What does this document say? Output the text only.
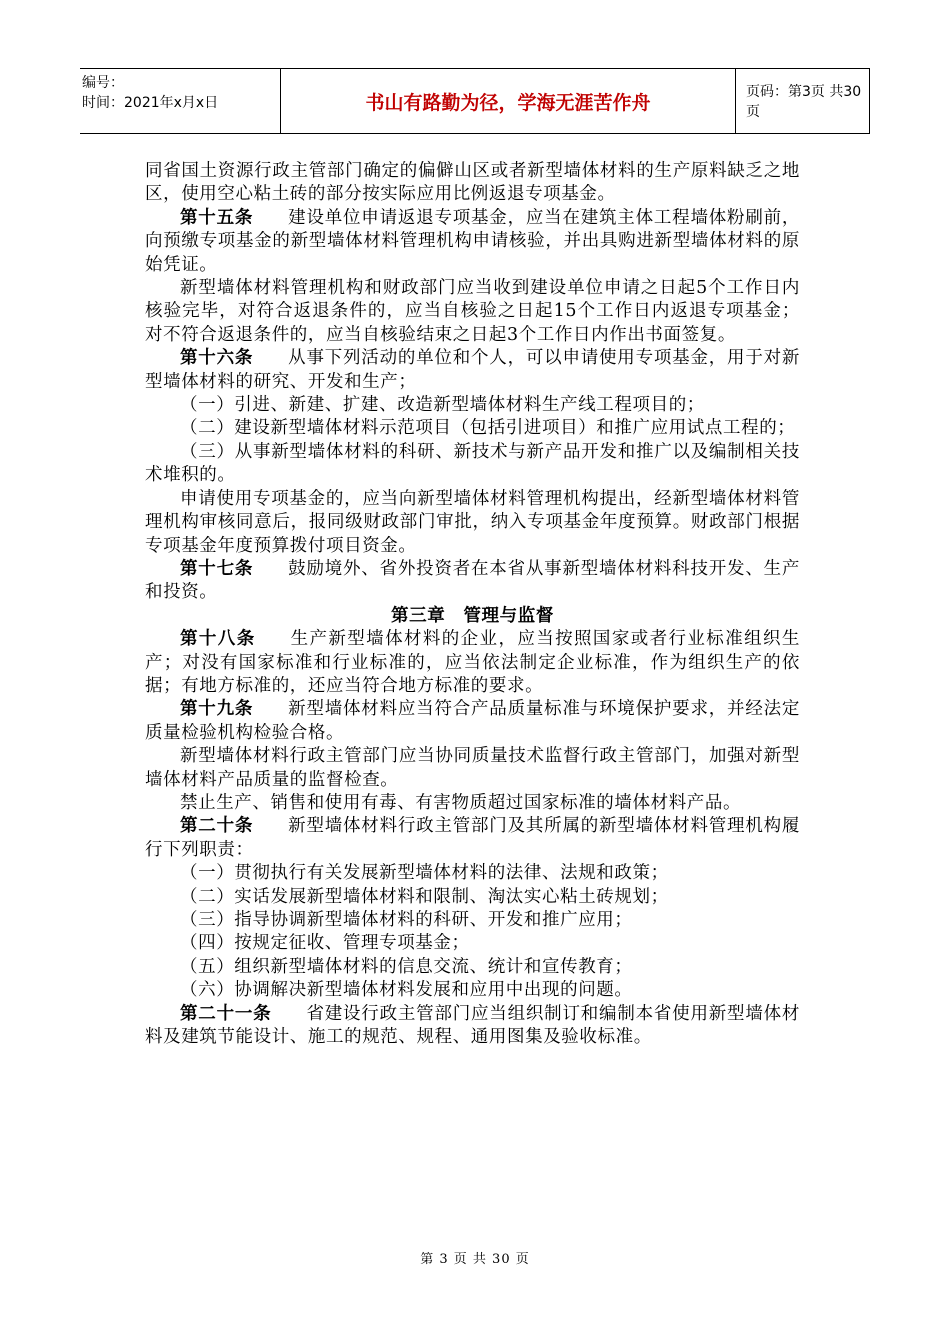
编号：
时间：2021年x月x日	书山有路勤为径，学海无涯苦作舟	页码：第3页 共30页

同省国土资源行政主管部门确定的偏僻山区或者新型墙体材料的生产原料缺乏之地区，使用空心粘土砖的部分按实际应用比例返退专项基金。

第十五条 建设单位申请返退专项基金，应当在建筑主体工程墙体粉刷前，向预缴专项基金的新型墙体材料管理机构申请核验，并出具购进新型墙体材料的原始凭证。

新型墙体材料管理机构和财政部门应当收到建设单位申请之日起5个工作日内核验完毕，对符合返退条件的，应当自核验之日起15个工作日内返退专项基金；对不符合返退条件的，应当自核验结束之日起3个工作日内作出书面签复。

第十六条 从事下列活动的单位和个人，可以申请使用专项基金，用于对新型墙体材料的研究、开发和生产；

（一）引进、新建、扩建、改造新型墙体材料生产线工程项目的；

（二）建设新型墙体材料示范项目（包括引进项目）和推广应用试点工程的；

（三）从事新型墙体材料的科研、新技术与新产品开发和推广以及编制相关技术堆积的。

申请使用专项基金的，应当向新型墙体材料管理机构提出，经新型墙体材料管理机构审核同意后，报同级财政部门审批，纳入专项基金年度预算。财政部门根据专项基金年度预算拨付项目资金。

第十七条 鼓励境外、省外投资者在本省从事新型墙体材料科技开发、生产和投资。

第三章　管理与监督

第十八条 生产新型墙体材料的企业，应当按照国家或者行业标准组织生产；对没有国家标准和行业标准的，应当依法制定企业标准，作为组织生产的依据；有地方标准的，还应当符合地方标准的要求。

第十九条 新型墙体材料应当符合产品质量标准与环境保护要求，并经法定质量检验机构检验合格。

新型墙体材料行政主管部门应当协同质量技术监督行政主管部门，加强对新型墙体材料产品质量的监督检查。

禁止生产、销售和使用有毒、有害物质超过国家标准的墙体材料产品。

第二十条 新型墙体材料行政主管部门及其所属的新型墙体材料管理机构履行下列职责：

（一）贯彻执行有关发展新型墙体材料的法律、法规和政策；

（二）实话发展新型墙体材料和限制、淘汰实心粘土砖规划；

（三）指导协调新型墙体材料的科研、开发和推广应用；

（四）按规定征收、管理专项基金；

（五）组织新型墙体材料的信息交流、统计和宣传教育；

（六）协调解决新型墙体材料发展和应用中出现的问题。

第二十一条 省建设行政主管部门应当组织制订和编制本省使用新型墙体材料及建筑节能设计、施工的规范、规程、通用图集及验收标准。

第 3 页 共 30 页
